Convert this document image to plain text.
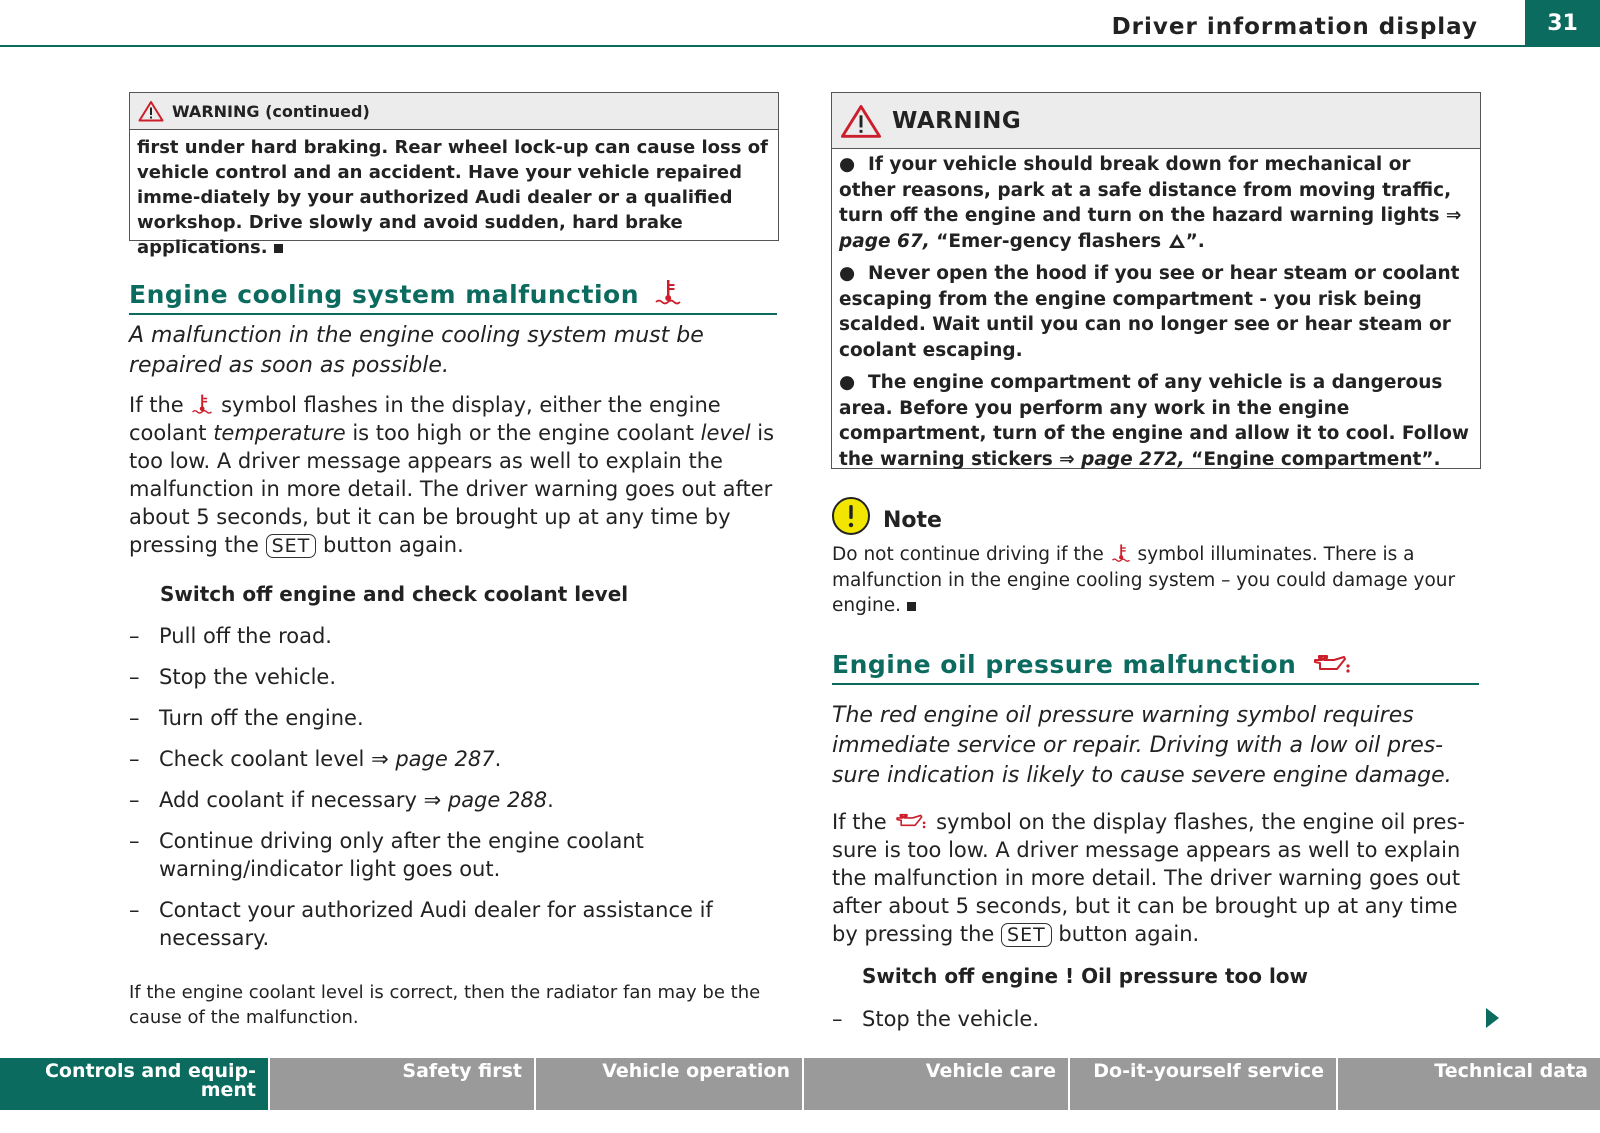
Driver information display	31
WARNING (continued)
first under hard braking. Rear wheel lock-up can cause loss of vehicle control and an accident. Have your vehicle repaired imme-diately by your authorized Audi dealer or a qualified workshop. Drive slowly and avoid sudden, hard brake applications.
Engine cooling system malfunction
A malfunction in the engine cooling system must be repaired as soon as possible.
If the symbol flashes in the display, either the engine coolant temperature is too high or the engine coolant level is too low. A driver message appears as well to explain the malfunction in more detail. The driver warning goes out after about 5 seconds, but it can be brought up at any time by pressing the SET button again.
Switch off engine and check coolant level
– Pull off the road.
– Stop the vehicle.
– Turn off the engine.
– Check coolant level ⇒ page 287.
– Add coolant if necessary ⇒ page 288.
– Continue driving only after the engine coolant warning/indicator light goes out.
– Contact your authorized Audi dealer for assistance if necessary.
If the engine coolant level is correct, then the radiator fan may be the cause of the malfunction.
WARNING

●  If your vehicle should break down for mechanical or other reasons, park at a safe distance from moving traffic, turn off the engine and turn on the hazard warning lights ⇒ page 67, “Emer-gency flashers ”.

●  Never open the hood if you see or hear steam or coolant escaping from the engine compartment - you risk being scalded. Wait until you can no longer see or hear steam or coolant escaping.

●  The engine compartment of any vehicle is a dangerous area. Before you perform any work in the engine compartment, turn of the engine and allow it to cool. Follow the warning stickers ⇒ page 272, “Engine compartment”.

Note
Do not continue driving if the symbol illuminates. There is a malfunction in the engine cooling system – you could damage your engine.
Engine oil pressure malfunction
The red engine oil pressure warning symbol requires immediate service or repair. Driving with a low oil pres-sure indication is likely to cause severe engine damage.
If the symbol on the display flashes, the engine oil pres-sure is too low. A driver message appears as well to explain the malfunction in more detail. The driver warning goes out after about 5 seconds, but it can be brought up at any time by pressing the SET button again.
Switch off engine ! Oil pressure too low
– Stop the vehicle.
Controls and equip-ment
Safety first	Vehicle operation	Vehicle care	Do-it-yourself service	Technical data
